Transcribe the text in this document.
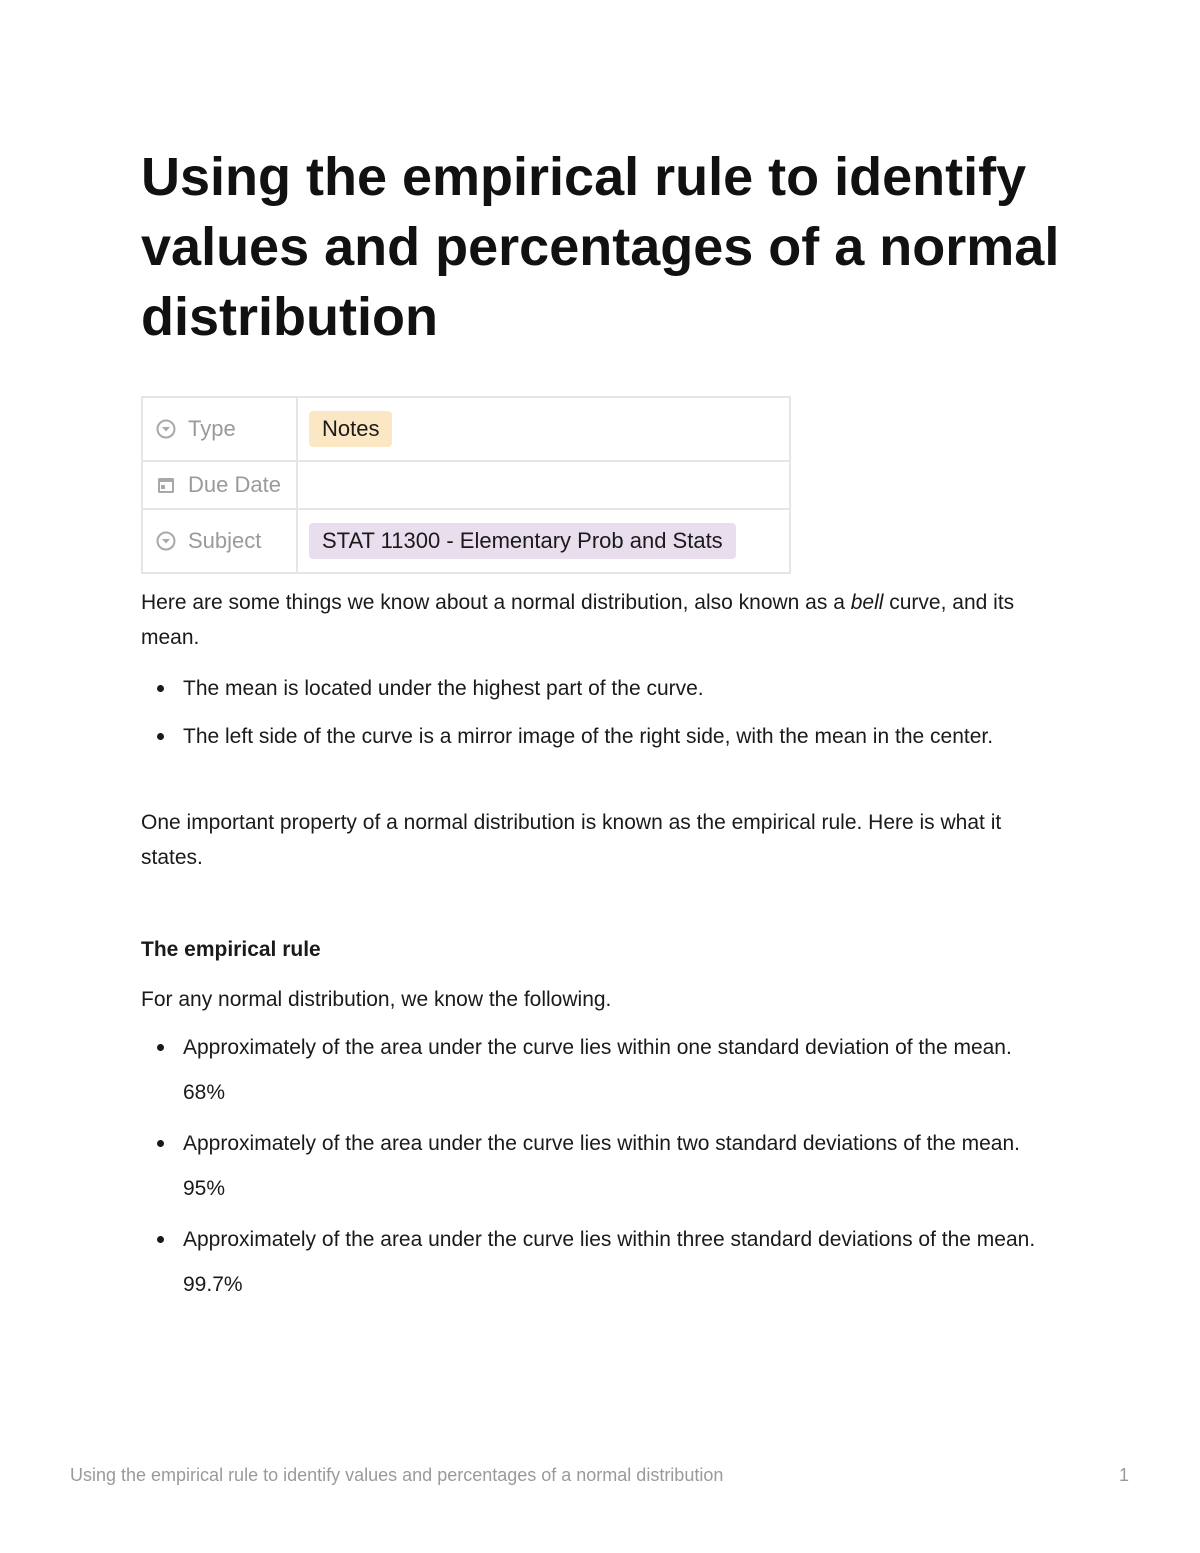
Using the empirical rule to identify values and percentages of a normal distribution
Type	Notes

Due Date	

Subject	STAT 11300 - Elementary Prob and Stats

Here are some things we know about a normal distribution, also known as a bell curve, and its mean.

The mean is located under the highest part of the curve.
The left side of the curve is a mirror image of the right side, with the mean in the center.

One important property of a normal distribution is known as the empirical rule. Here is what it states.

The empirical rule

For any normal distribution, we know the following.

Approximately of the area under the curve lies within one standard deviation of the mean.
68%
Approximately of the area under the curve lies within two standard deviations of the mean.
95%
Approximately of the area under the curve lies within three standard deviations of the mean.
99.7%
Using the empirical rule to identify values and percentages of a normal distribution	1
